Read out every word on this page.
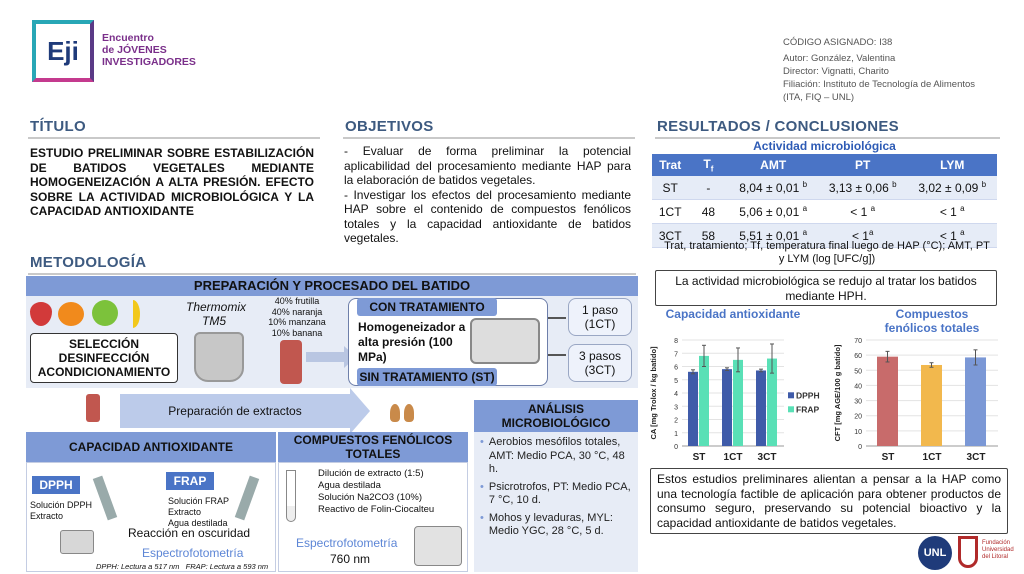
Eji	Encuentro
de JÓVENES
INVESTIGADORES
CÓDIGO ASIGNADO: I38
Autor: González, Valentina
Director: Vignatti, Charito
Filiación: Instituto de Tecnología de Alimentos
(ITA, FIQ – UNL)
TÍTULO
ESTUDIO PRELIMINAR SOBRE ESTABILIZACIÓN DE BATIDOS VEGETALES MEDIANTE HOMOGENEIZACIÓN A ALTA PRESIÓN. EFECTO SOBRE LA ACTIVIDAD MICROBIOLÓGICA Y LA CAPACIDAD ANTIOXIDANTE
OBJETIVOS
- Evaluar de forma preliminar la potencial aplicabilidad del procesamiento mediante HAP para la elaboración de batidos vegetales.
- Investigar los efectos del procesamiento mediante HAP sobre el contenido de compuestos fenólicos totales y la capacidad antioxidante de batidos vegetales.
RESULTADOS / CONCLUSIONES
Actividad microbiológica
Trat	$T_f$	AMT	PT	LYM
ST	-	8,04 ± 0,01 $^b$	3,13 ± 0,06 $^b$	3,02 ± 0,09 $^b$
1CT	48	5,06 ± 0,01 $^a$	< 1 $^a$	< 1 $^a$
3CT	58	5,51 ± 0,01 $^a$	< $1^a$	< 1 $^a$
Trat, tratamiento; Tf, temperatura final luego de HAP (°C); AMT, PT y LYM (log [UFC/g])
La actividad microbiológica se redujo al tratar los batidos mediante HPH.
Capacidad antioxidante
0
1
2
3
4
5
6
7
8
CA [mg Trolox / kg batido]
ST 1CT 3CT
DPPH
FRAP
Compuestos fenólicos totales
0
10
20
30
40
50
60
70
CFT [mg AGE/100 g batido]
ST	1CT	3CT
Estos estudios preliminares alientan a pensar a la HAP como una tecnología factible de aplicación para obtener productos de consumo seguro, preservando su potencial bioactivo y la capacidad antioxidante de batidos vegetales.
UNL
Fundación Universidad del Litoral
METODOLOGÍA
PREPARACIÓN Y PROCESADO DEL BATIDO
SELECCIÓN DESINFECCIÓN ACONDICIONAMIENTO
Thermomix TM5
40% frutilla
40% naranja
10% manzana
10% banana
CON TRATAMIENTO
Homogeneizador a alta presión (100 MPa)
SIN TRATAMIENTO (ST)
1 paso (1CT)
3 pasos (3CT)
Preparación de extractos
CAPACIDAD ANTIOXIDANTE
DPPH
Solución DPPH
Extracto
FRAP
Solución FRAP
Extracto
Agua destilada
Reacción en oscuridad
Espectrofotometría
DPPH: Lectura a 517 nm   FRAP: Lectura a 593 nm
COMPUESTOS FENÓLICOS TOTALES
Dilución de extracto (1:5)
Agua destilada
Solución Na2CO3 (10%)
Reactivo de Folin-Ciocalteu
Espectrofotometría
760 nm
ANÁLISIS MICROBIOLÓGICO
• Aerobios mesófilos totales, AMT: Medio PCA, 30 °C, 48 h.
• Psicrotrofos, PT: Medio PCA, 7 °C, 10 d.
• Mohos y levaduras, MYL: Medio YGC, 28 °C, 5 d.
